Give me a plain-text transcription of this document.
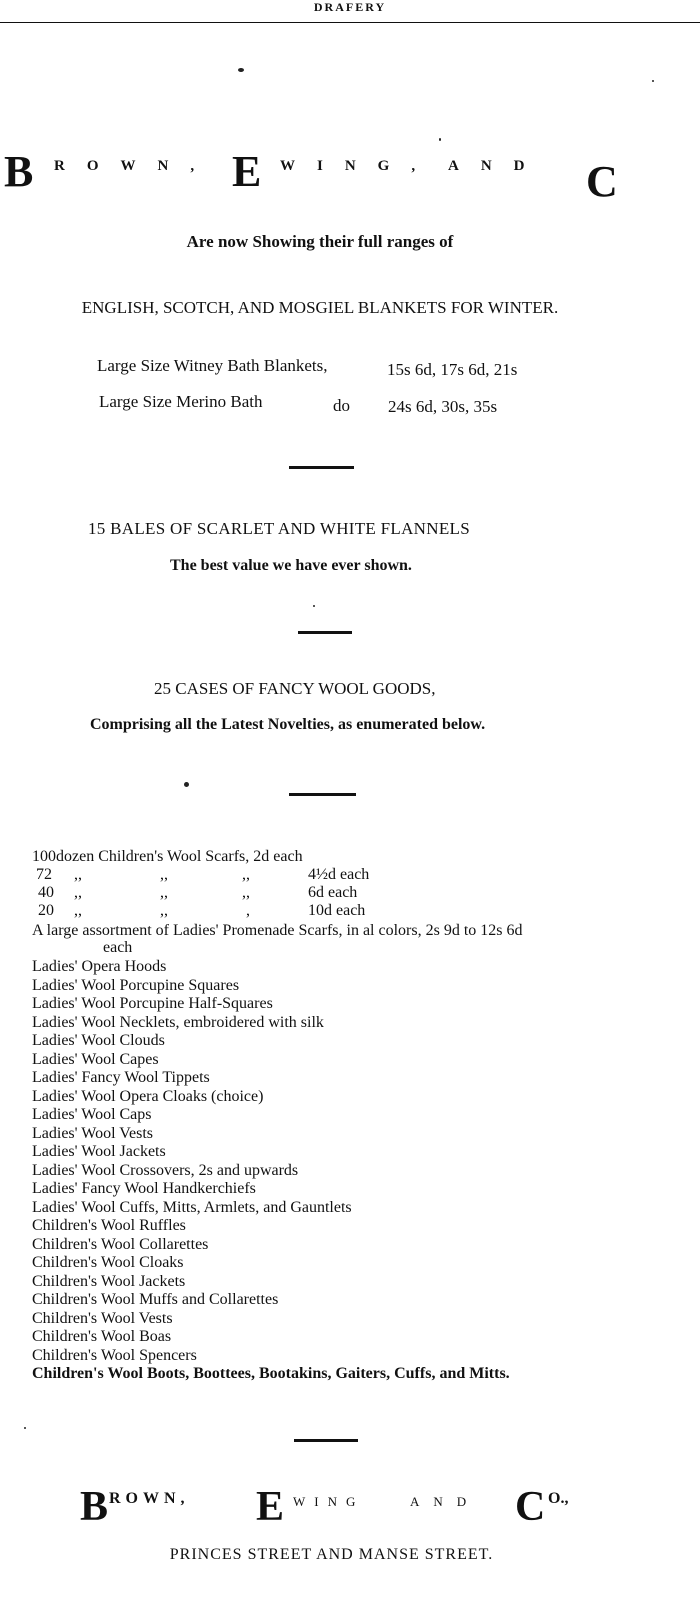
DRAFERY
B ROWN, E WING, AND C
Are now Showing their full ranges of
ENGLISH, SCOTCH, AND MOSGIEL BLANKETS FOR WINTER.
Large Size Witney Bath Blankets,	15s 6d, 17s 6d, 21s
Large Size Merino Bath	do 24s 6d, 30s, 35s
15 BALES OF SCARLET AND WHITE FLANNELS
The best value we have ever shown.
25 CASES OF FANCY WOOL GOODS,
Comprising all the Latest Novelties, as enumerated below.
100dozen Children's Wool Scarfs, 2d each
72 ,,	,,	,,	4½d each
40 ,,	,,	,,	6d each
20 ,,	,,	,	10d each
A large assortment of Ladies' Promenade Scarfs, in al colors, 2s 9d to 12s 6d
each
Ladies' Opera Hoods
Ladies' Wool Porcupine Squares
Ladies' Wool Porcupine Half-Squares
Ladies' Wool Necklets, embroidered with silk
Ladies' Wool Clouds
Ladies' Wool Capes
Ladies' Fancy Wool Tippets
Ladies' Wool Opera Cloaks (choice)
Ladies' Wool Caps
Ladies' Wool Vests
Ladies' Wool Jackets
Ladies' Wool Crossovers, 2s and upwards
Ladies' Fancy Wool Handkerchiefs
Ladies' Wool Cuffs, Mitts, Armlets, and Gauntlets
Children's Wool Ruffles
Children's Wool Collarettes
Children's Wool Cloaks
Children's Wool Jackets
Children's Wool Muffs and Collarettes
Children's Wool Vests
Children's Wool Boas
Children's Wool Spencers
Children's Wool Boots, Boottees, Bootakins, Gaiters, Cuffs, and Mitts.
B ROWN, E WING	AND C O.,
PRINCES STREET AND MANSE STREET.
